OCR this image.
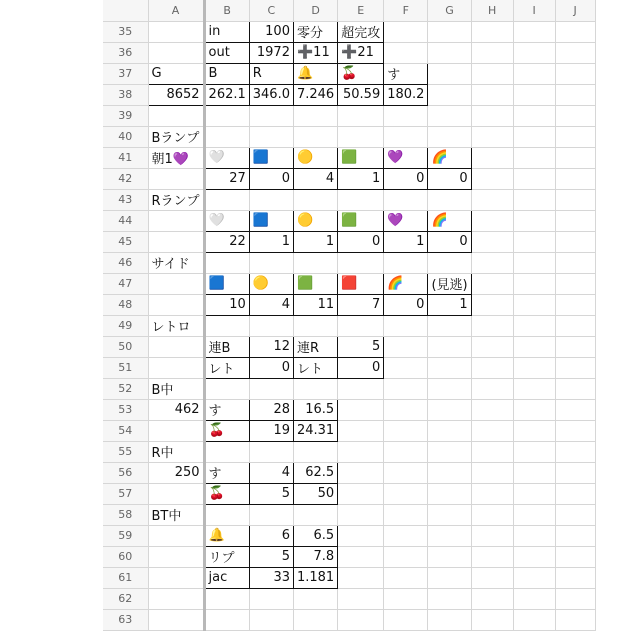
	A	B	C	D	E	F	G	H	I	J
35		in	100	零分	超完攻					
36		out	1972	➕11	➕21					
37	G	B	R	🔔	🍒	す				
38	8652	262.1	346.0	7.246	50.59	180.2				
39										
40	Bランプ									
41	朝1💜	🤍	🟦	🟡	🟩	💜	🌈			
42		27	0	4	1	0	0			
43	Rランプ									
44		🤍	🟦	🟡	🟩	💜	🌈			
45		22	1	1	0	1	0			
46	サイド									
47		🟦	🟡	🟩	🟥	🌈	(見逃)			
48		10	4	11	7	0	1			
49	レトロ									
50		連B	12	連R	5					
51		レト	0	レト	0					
52	B中									
53	462	す	28	16.5						
54		🍒	19	24.31						
55	R中									
56	250	す	4	62.5						
57		🍒	5	50						
58	BT中									
59		🔔	6	6.5						
60		リプ	5	7.8						
61		jac	33	1.181						
62										
63										
